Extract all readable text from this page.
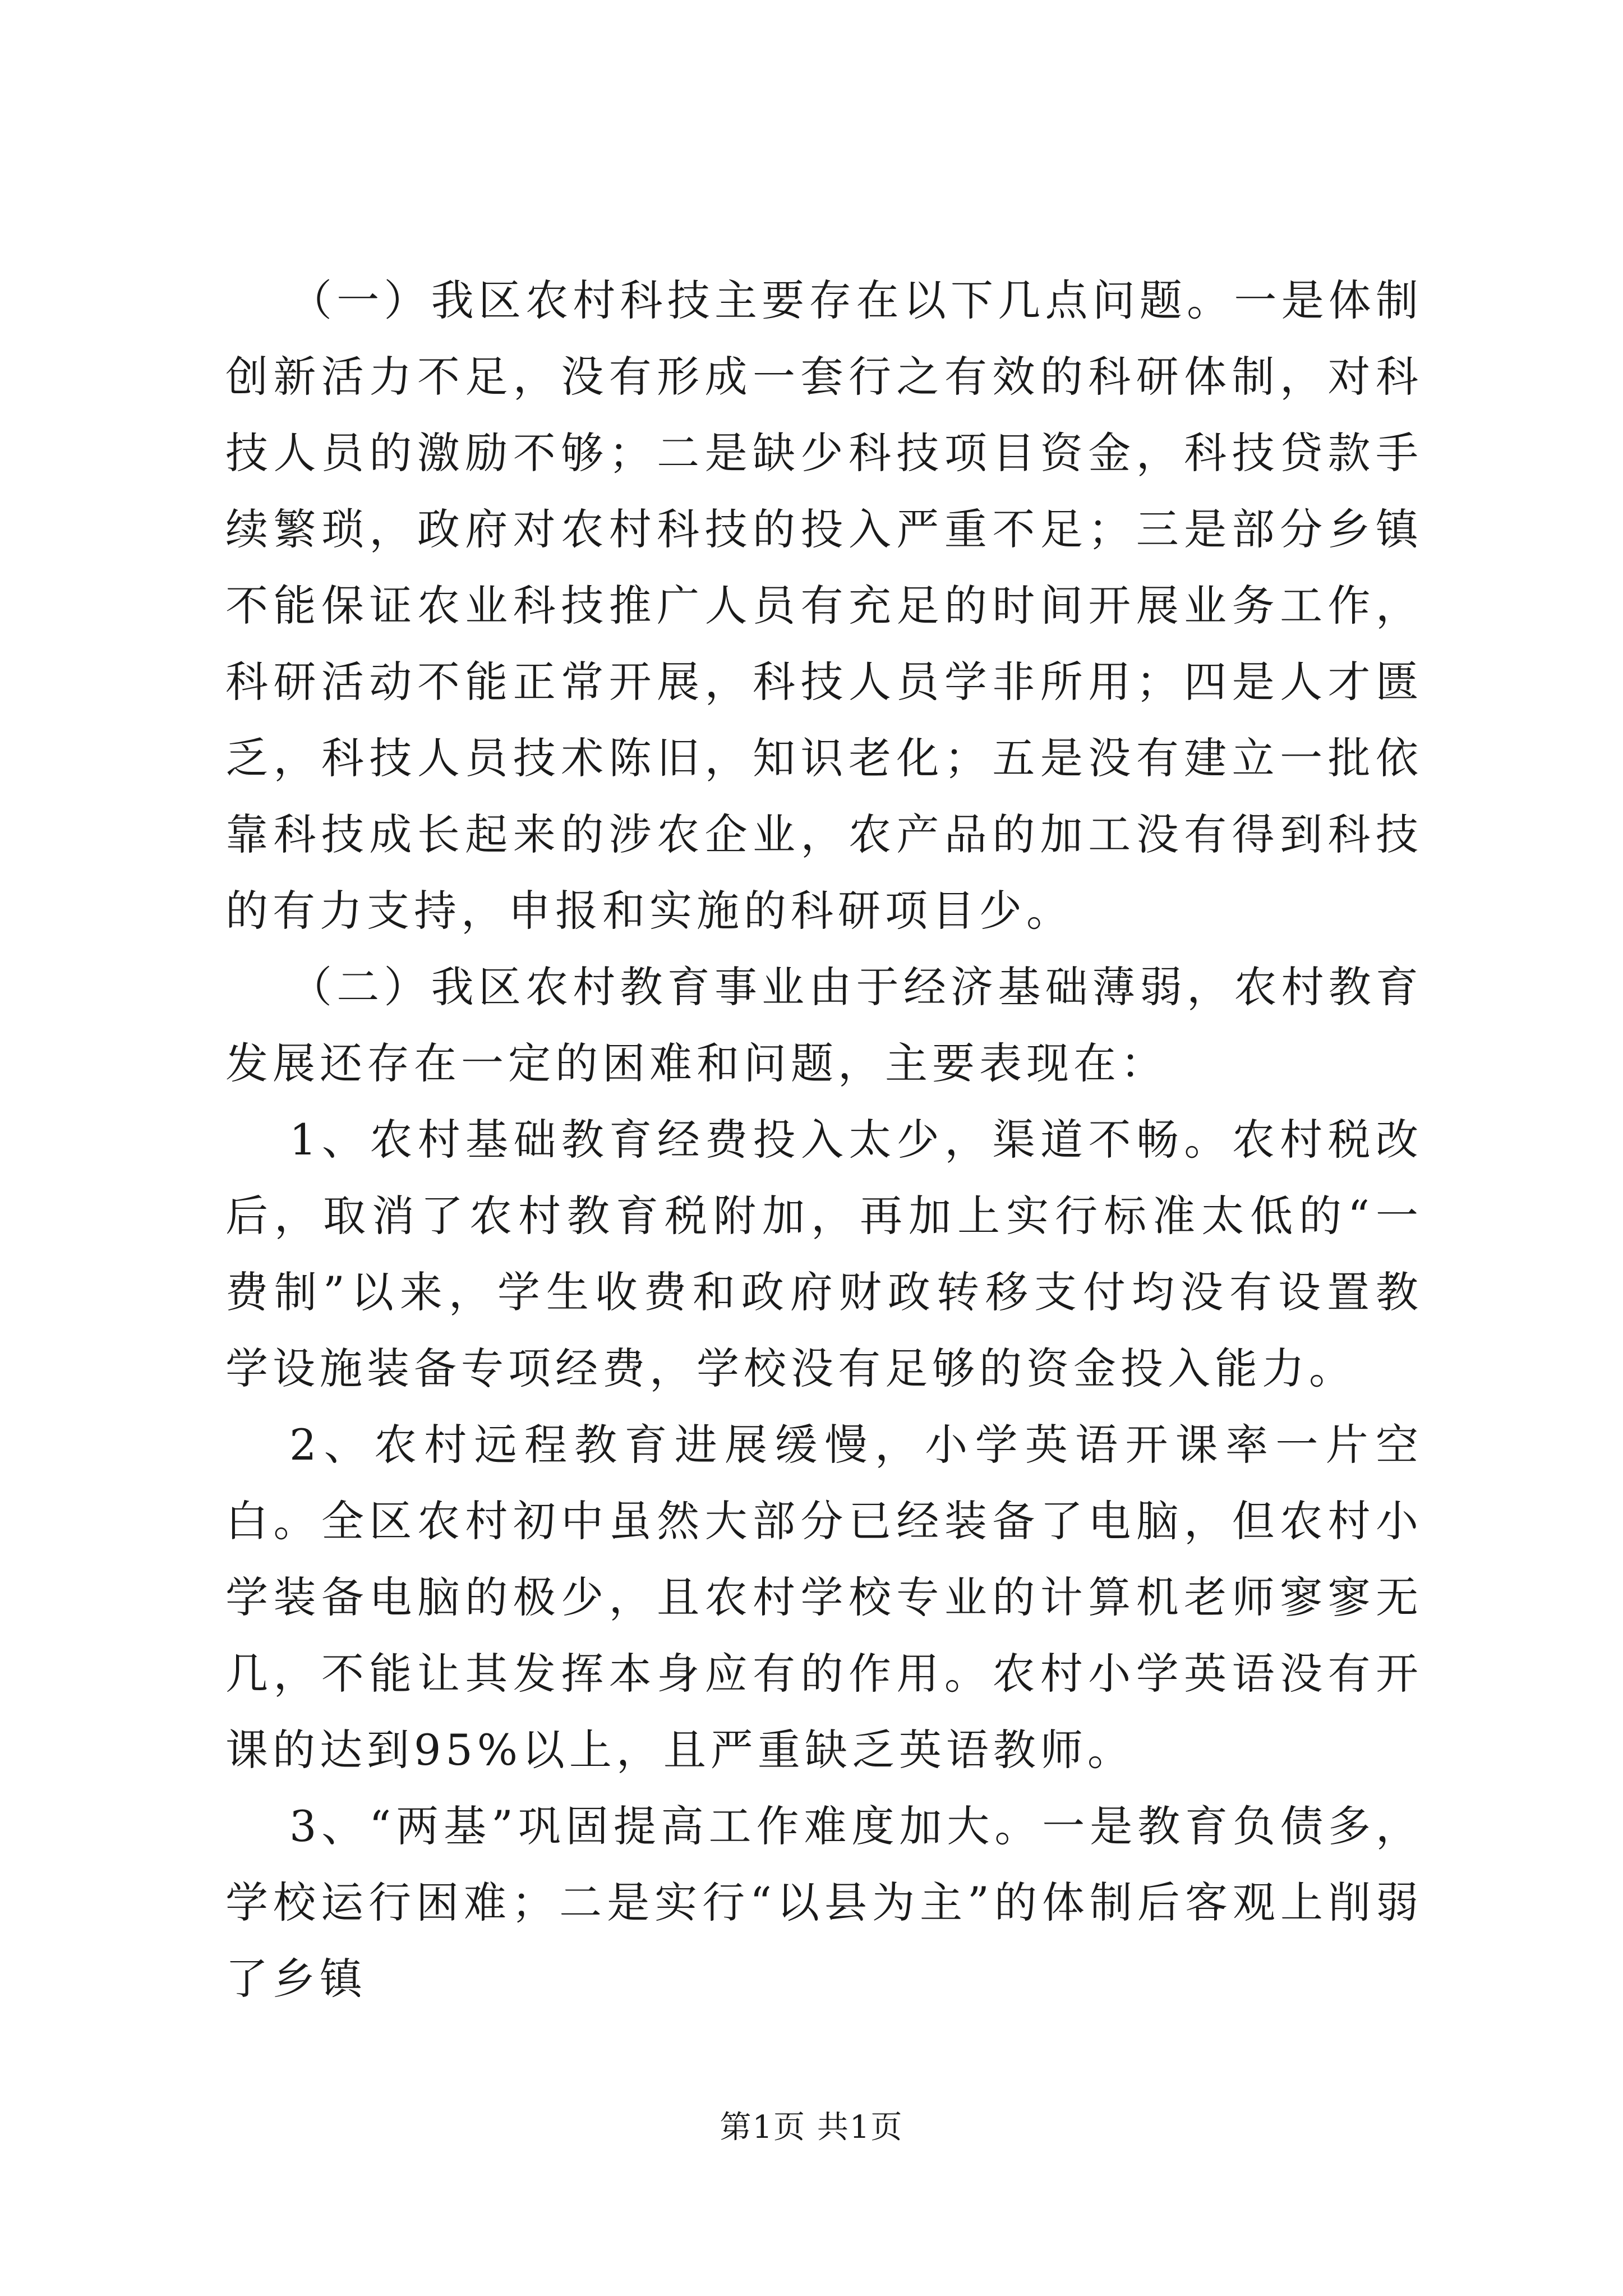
（一）我区农村科技主要存在以下几点问题。一是体制创新活力不足，没有形成一套行之有效的科研体制，对科技人员的激励不够；二是缺少科技项目资金，科技贷款手续繁琐，政府对农村科技的投入严重不足；三是部分乡镇不能保证农业科技推广人员有充足的时间开展业务工作，科研活动不能正常开展，科技人员学非所用；四是人才匮乏，科技人员技术陈旧，知识老化；五是没有建立一批依靠科技成长起来的涉农企业，农产品的加工没有得到科技的有力支持，申报和实施的科研项目少。

（二）我区农村教育事业由于经济基础薄弱，农村教育发展还存在一定的困难和问题，主要表现在：

1、农村基础教育经费投入太少，渠道不畅。农村税改后，取消了农村教育税附加，再加上实行标准太低的“一费制”以来，学生收费和政府财政转移支付均没有设置教学设施装备专项经费，学校没有足够的资金投入能力。

2、农村远程教育进展缓慢，小学英语开课率一片空白。全区农村初中虽然大部分已经装备了电脑，但农村小学装备电脑的极少，且农村学校专业的计算机老师寥寥无几，不能让其发挥本身应有的作用。农村小学英语没有开课的达到95%以上，且严重缺乏英语教师。

3、“两基”巩固提高工作难度加大。一是教育负债多，学校运行困难；二是实行“以县为主”的体制后客观上削弱了乡镇

第1页 共1页
